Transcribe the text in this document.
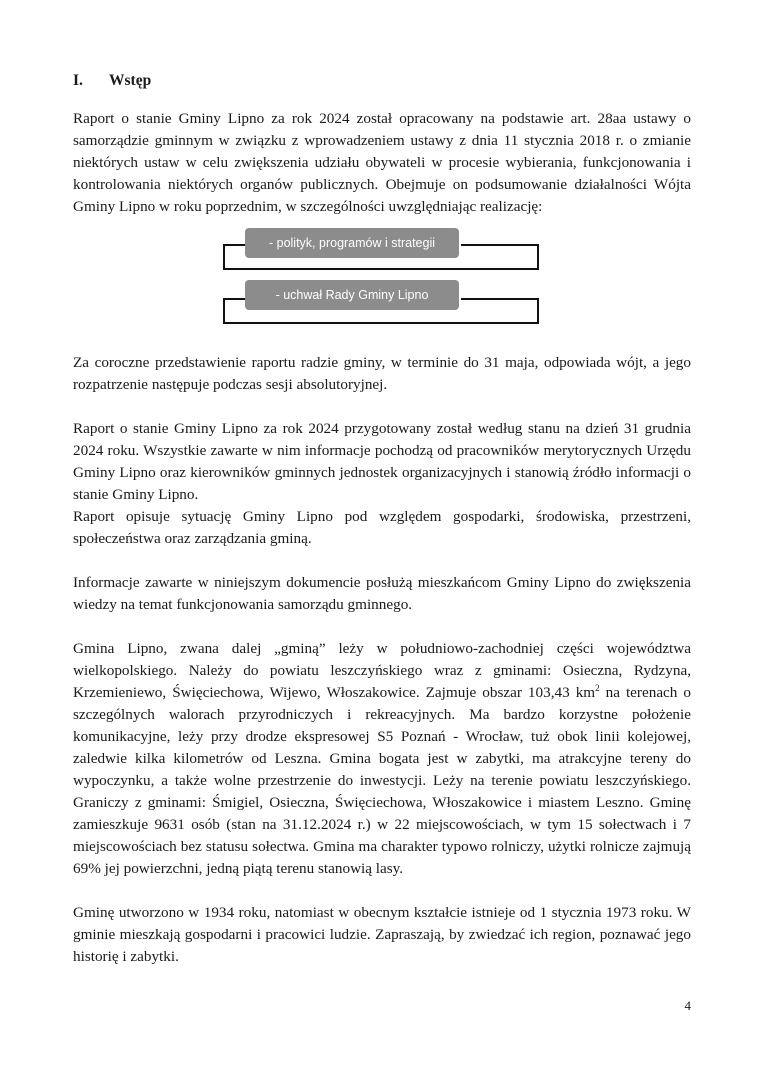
I.	Wstęp

Raport o stanie Gminy Lipno za rok 2024 został opracowany na podstawie art. 28aa ustawy o samorządzie gminnym w związku z wprowadzeniem ustawy z dnia 11 stycznia 2018 r. o zmianie niektórych ustaw w celu zwiększenia udziału obywateli w procesie wybierania, funkcjonowania i kontrolowania niektórych organów publicznych. Obejmuje on podsumowanie działalności Wójta Gminy Lipno w roku poprzednim, w szczególności uwzględniając realizację:

- polityk, programów i strategii
- uchwał Rady Gminy Lipno

Za coroczne przedstawienie raportu radzie gminy, w terminie do 31 maja, odpowiada wójt, a jego rozpatrzenie następuje podczas sesji absolutoryjnej.

Raport o stanie Gminy Lipno za rok 2024 przygotowany został według stanu na dzień 31 grudnia 2024 roku. Wszystkie zawarte w nim informacje pochodzą od pracowników merytorycznych Urzędu Gminy Lipno oraz kierowników gminnych jednostek organizacyjnych i stanowią źródło informacji o stanie Gminy Lipno.

Raport opisuje sytuację Gminy Lipno pod względem gospodarki, środowiska, przestrzeni, społeczeństwa oraz zarządzania gminą.

Informacje zawarte w niniejszym dokumencie posłużą mieszkańcom Gminy Lipno do zwiększenia wiedzy na temat funkcjonowania samorządu gminnego.

Gmina Lipno, zwana dalej „gminą” leży w południowo-zachodniej części województwa wielkopolskiego. Należy do powiatu leszczyńskiego wraz z gminami: Osieczna, Rydzyna, Krzemieniewo, Święciechowa, Wijewo, Włoszakowice. Zajmuje obszar 103,43 $km^2$ na terenach o szczególnych walorach przyrodniczych i rekreacyjnych. Ma bardzo korzystne położenie komunikacyjne, leży przy drodze ekspresowej S5 Poznań - Wrocław, tuż obok linii kolejowej, zaledwie kilka kilometrów od Leszna. Gmina bogata jest w zabytki, ma atrakcyjne tereny do wypoczynku, a także wolne przestrzenie do inwestycji. Leży na terenie powiatu leszczyńskiego. Graniczy z gminami: Śmigiel, Osieczna, Święciechowa, Włoszakowice i miastem Leszno. Gminę zamieszkuje 9631 osób (stan na 31.12.2024 r.) w 22 miejscowościach, w tym 15 sołectwach i 7 miejscowościach bez statusu sołectwa. Gmina ma charakter typowo rolniczy, użytki rolnicze zajmują 69% jej powierzchni, jedną piątą terenu stanowią lasy.

Gminę utworzono w 1934 roku, natomiast w obecnym kształcie istnieje od 1 stycznia 1973 roku. W gminie mieszkają gospodarni i pracowici ludzie. Zapraszają, by zwiedzać ich region, poznawać jego historię i zabytki.

4
